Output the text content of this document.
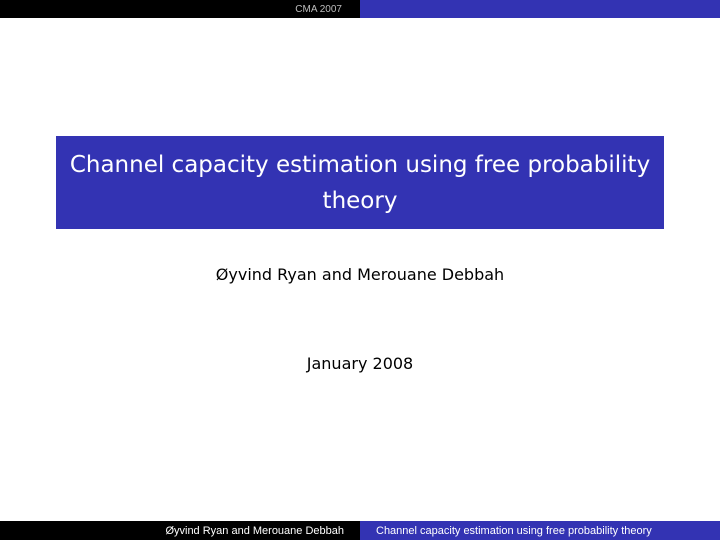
CMA 2007
Channel capacity estimation using free probability theory
Øyvind Ryan and Merouane Debbah
January 2008
Øyvind Ryan and Merouane Debbah	Channel capacity estimation using free probability theory
